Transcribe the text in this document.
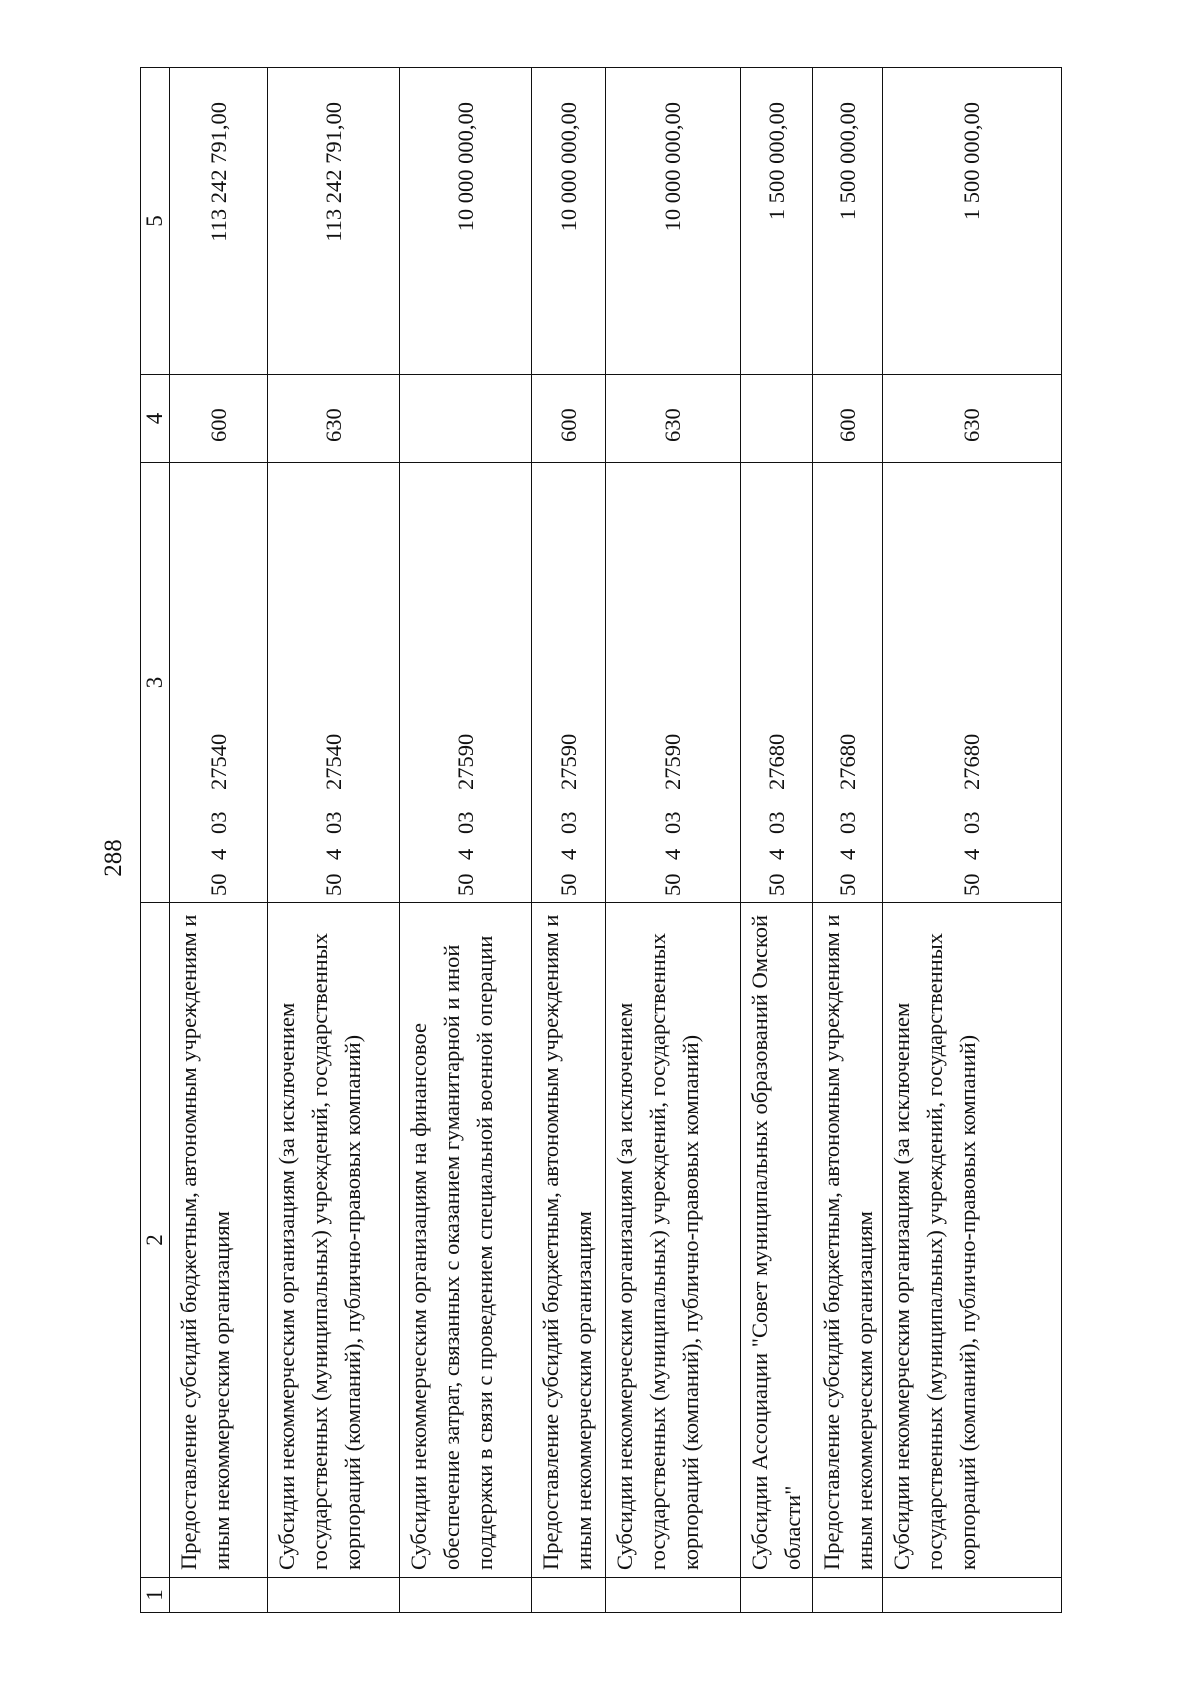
288
1	2	3	4	5
	Предоставление субсидий бюджетным, автономным учреждениям и иным некоммерческим организациям	5040327540	600	113 242 791,00
	Субсидии некоммерческим организациям (за исключением государственных (муниципальных) учреждений, государственных корпораций (компаний), публично-правовых компаний)	5040327540	630	113 242 791,00
	Субсидии некоммерческим организациям на финансовое обеспечение затрат, связанных с оказанием гуманитарной и иной поддержки в связи с проведением специальной военной операции	5040327590		10 000 000,00
	Предоставление субсидий бюджетным, автономным учреждениям и иным некоммерческим организациям	5040327590	600	10 000 000,00
	Субсидии некоммерческим организациям (за исключением государственных (муниципальных) учреждений, государственных корпораций (компаний), публично-правовых компаний)	5040327590	630	10 000 000,00
	Субсидии Ассоциации "Совет муниципальных образований Омской области"	5040327680		1 500 000,00
	Предоставление субсидий бюджетным, автономным учреждениям и иным некоммерческим организациям	5040327680	600	1 500 000,00
	Субсидии некоммерческим организациям (за исключением государственных (муниципальных) учреждений, государственных корпораций (компаний), публично-правовых компаний)	5040327680	630	1 500 000,00
